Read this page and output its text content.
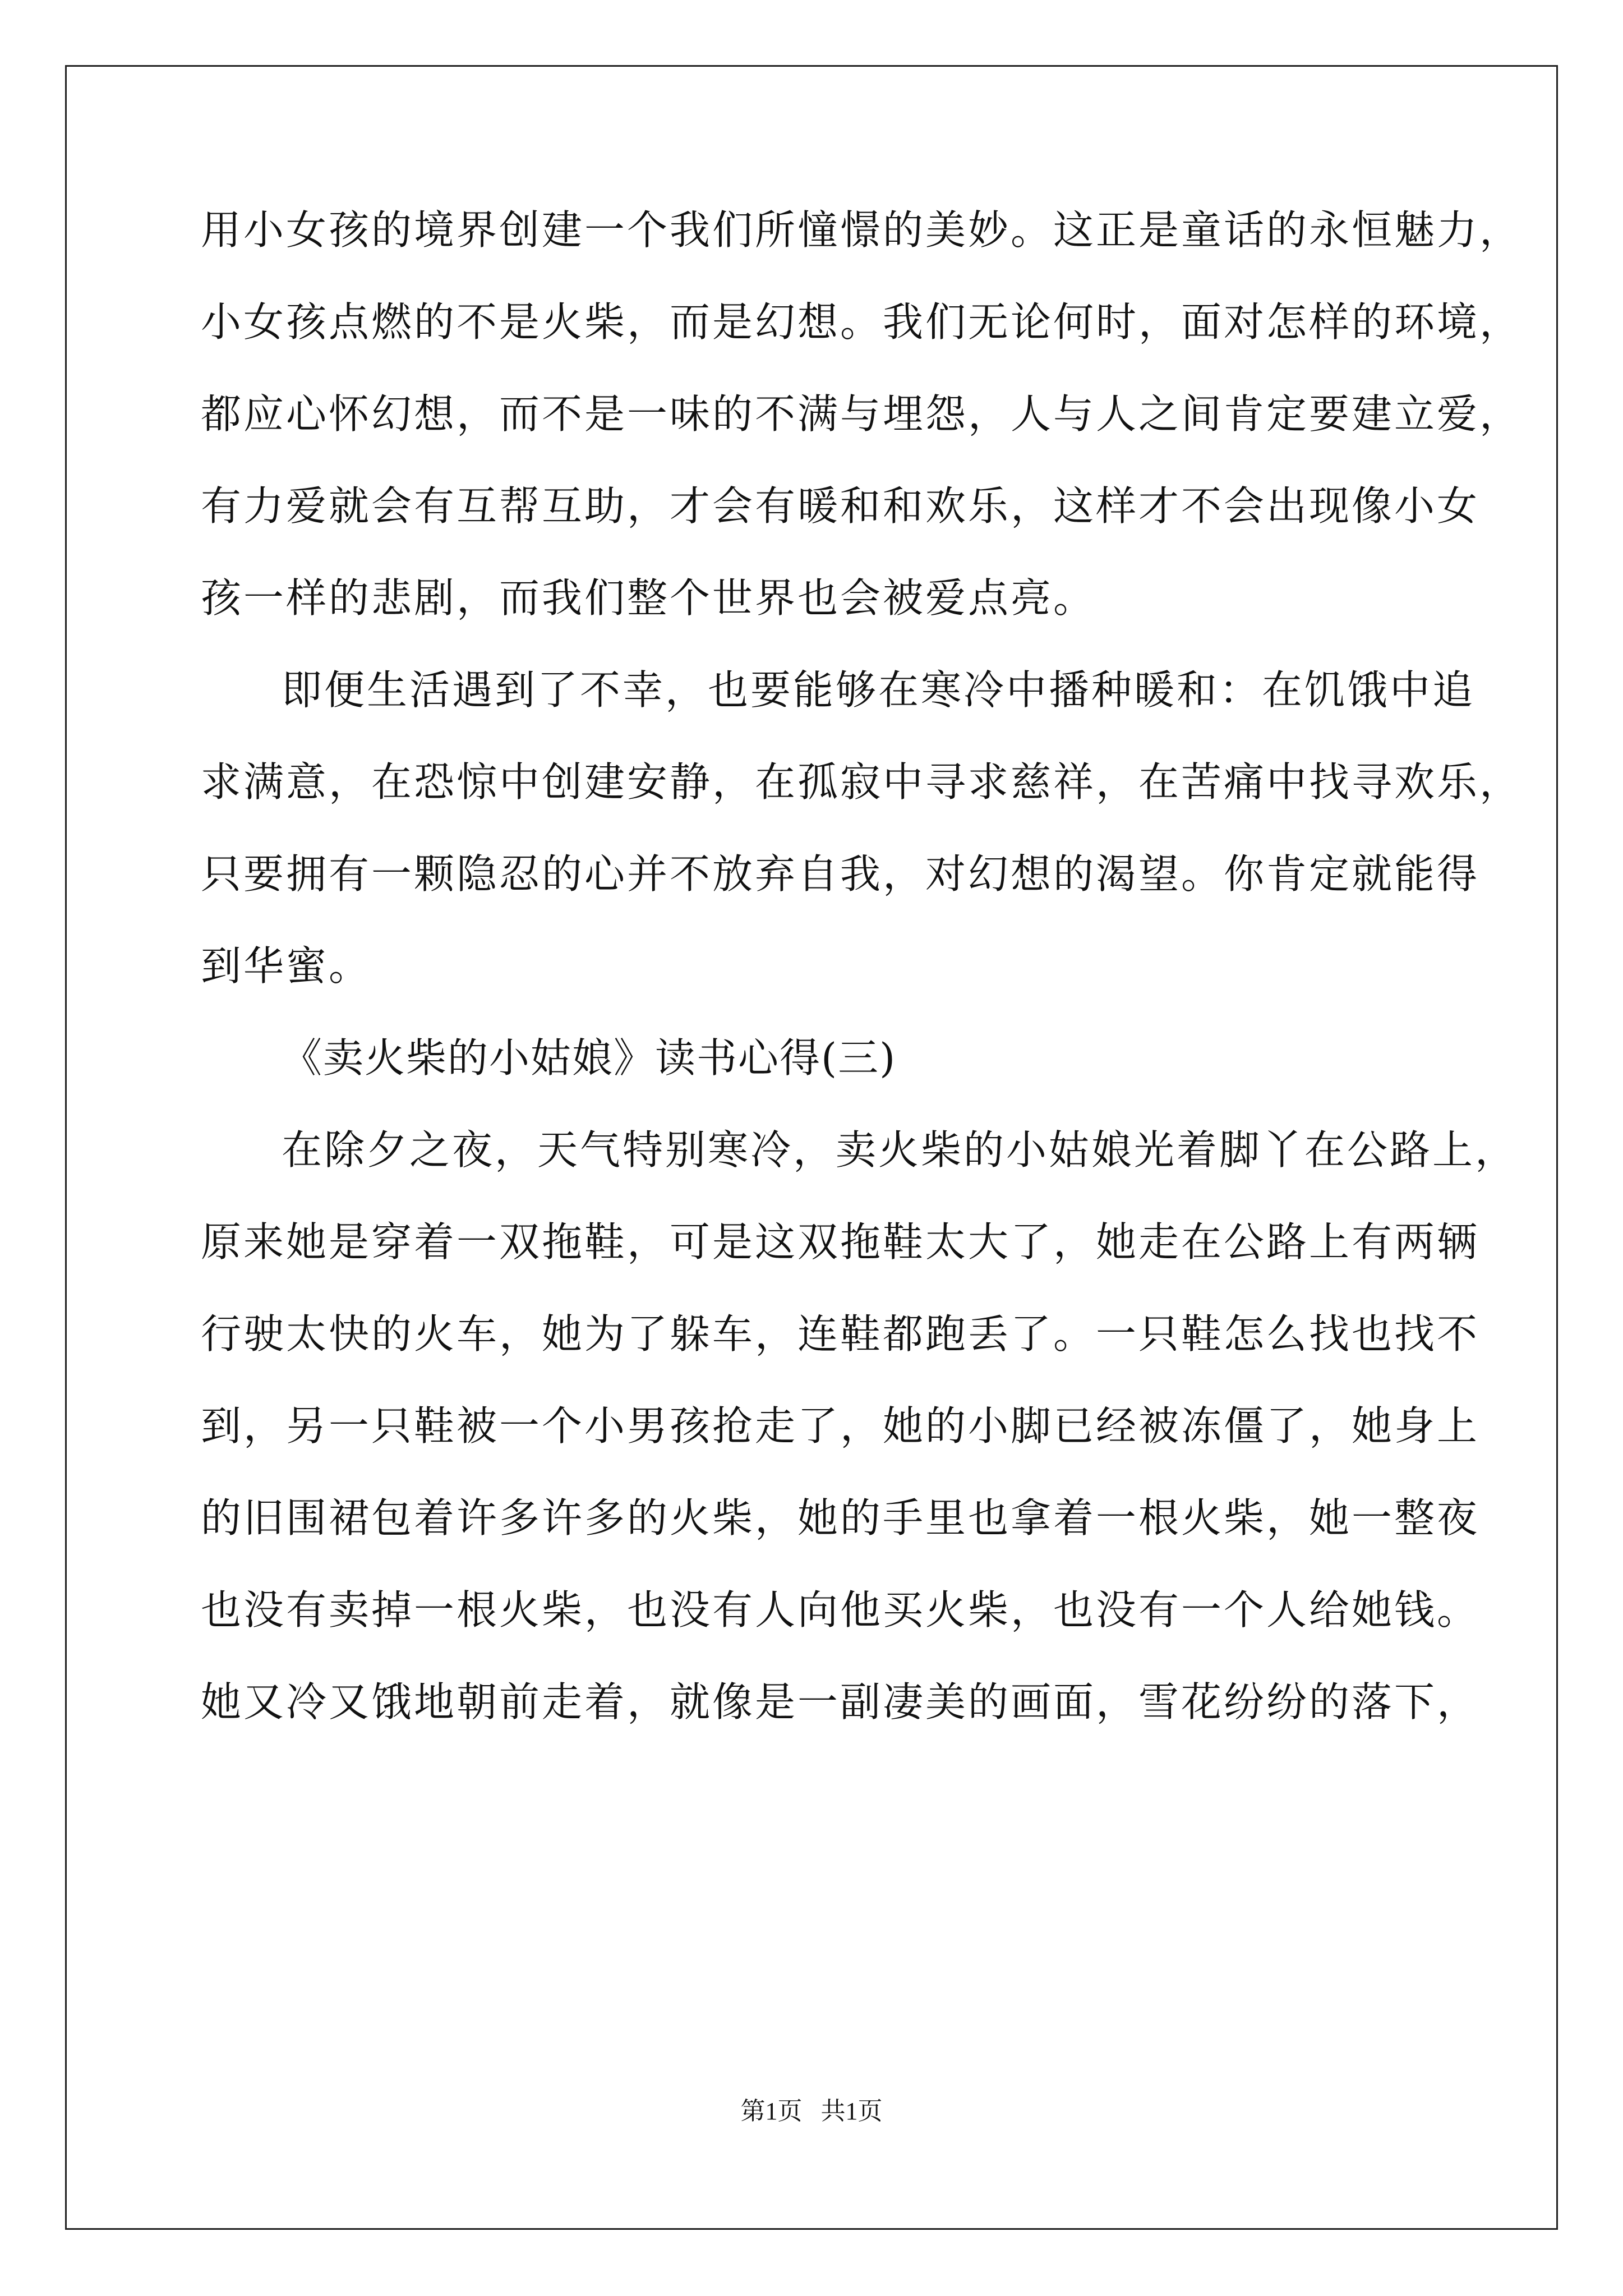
用小女孩的境界创建一个我们所憧憬的美妙。这正是童话的永恒魅力，
小女孩点燃的不是火柴，而是幻想。我们无论何时，面对怎样的环境，
都应心怀幻想，而不是一味的不满与埋怨，人与人之间肯定要建立爱，
有力爱就会有互帮互助，才会有暖和和欢乐，这样才不会出现像小女
孩一样的悲剧，而我们整个世界也会被爱点亮。
即便生活遇到了不幸，也要能够在寒冷中播种暖和：在饥饿中追
求满意，在恐惊中创建安静，在孤寂中寻求慈祥，在苦痛中找寻欢乐，
只要拥有一颗隐忍的心并不放弃自我，对幻想的渴望。你肯定就能得
到华蜜。
《卖火柴的小姑娘》读书心得(三)
在除夕之夜，天气特别寒冷，卖火柴的小姑娘光着脚丫在公路上，
原来她是穿着一双拖鞋，可是这双拖鞋太大了，她走在公路上有两辆
行驶太快的火车，她为了躲车，连鞋都跑丢了。一只鞋怎么找也找不
到，另一只鞋被一个小男孩抢走了，她的小脚已经被冻僵了，她身上
的旧围裙包着许多许多的火柴，她的手里也拿着一根火柴，她一整夜
也没有卖掉一根火柴，也没有人向他买火柴，也没有一个人给她钱。
她又冷又饿地朝前走着，就像是一副凄美的画面，雪花纷纷的落下，
第1页   共1页
